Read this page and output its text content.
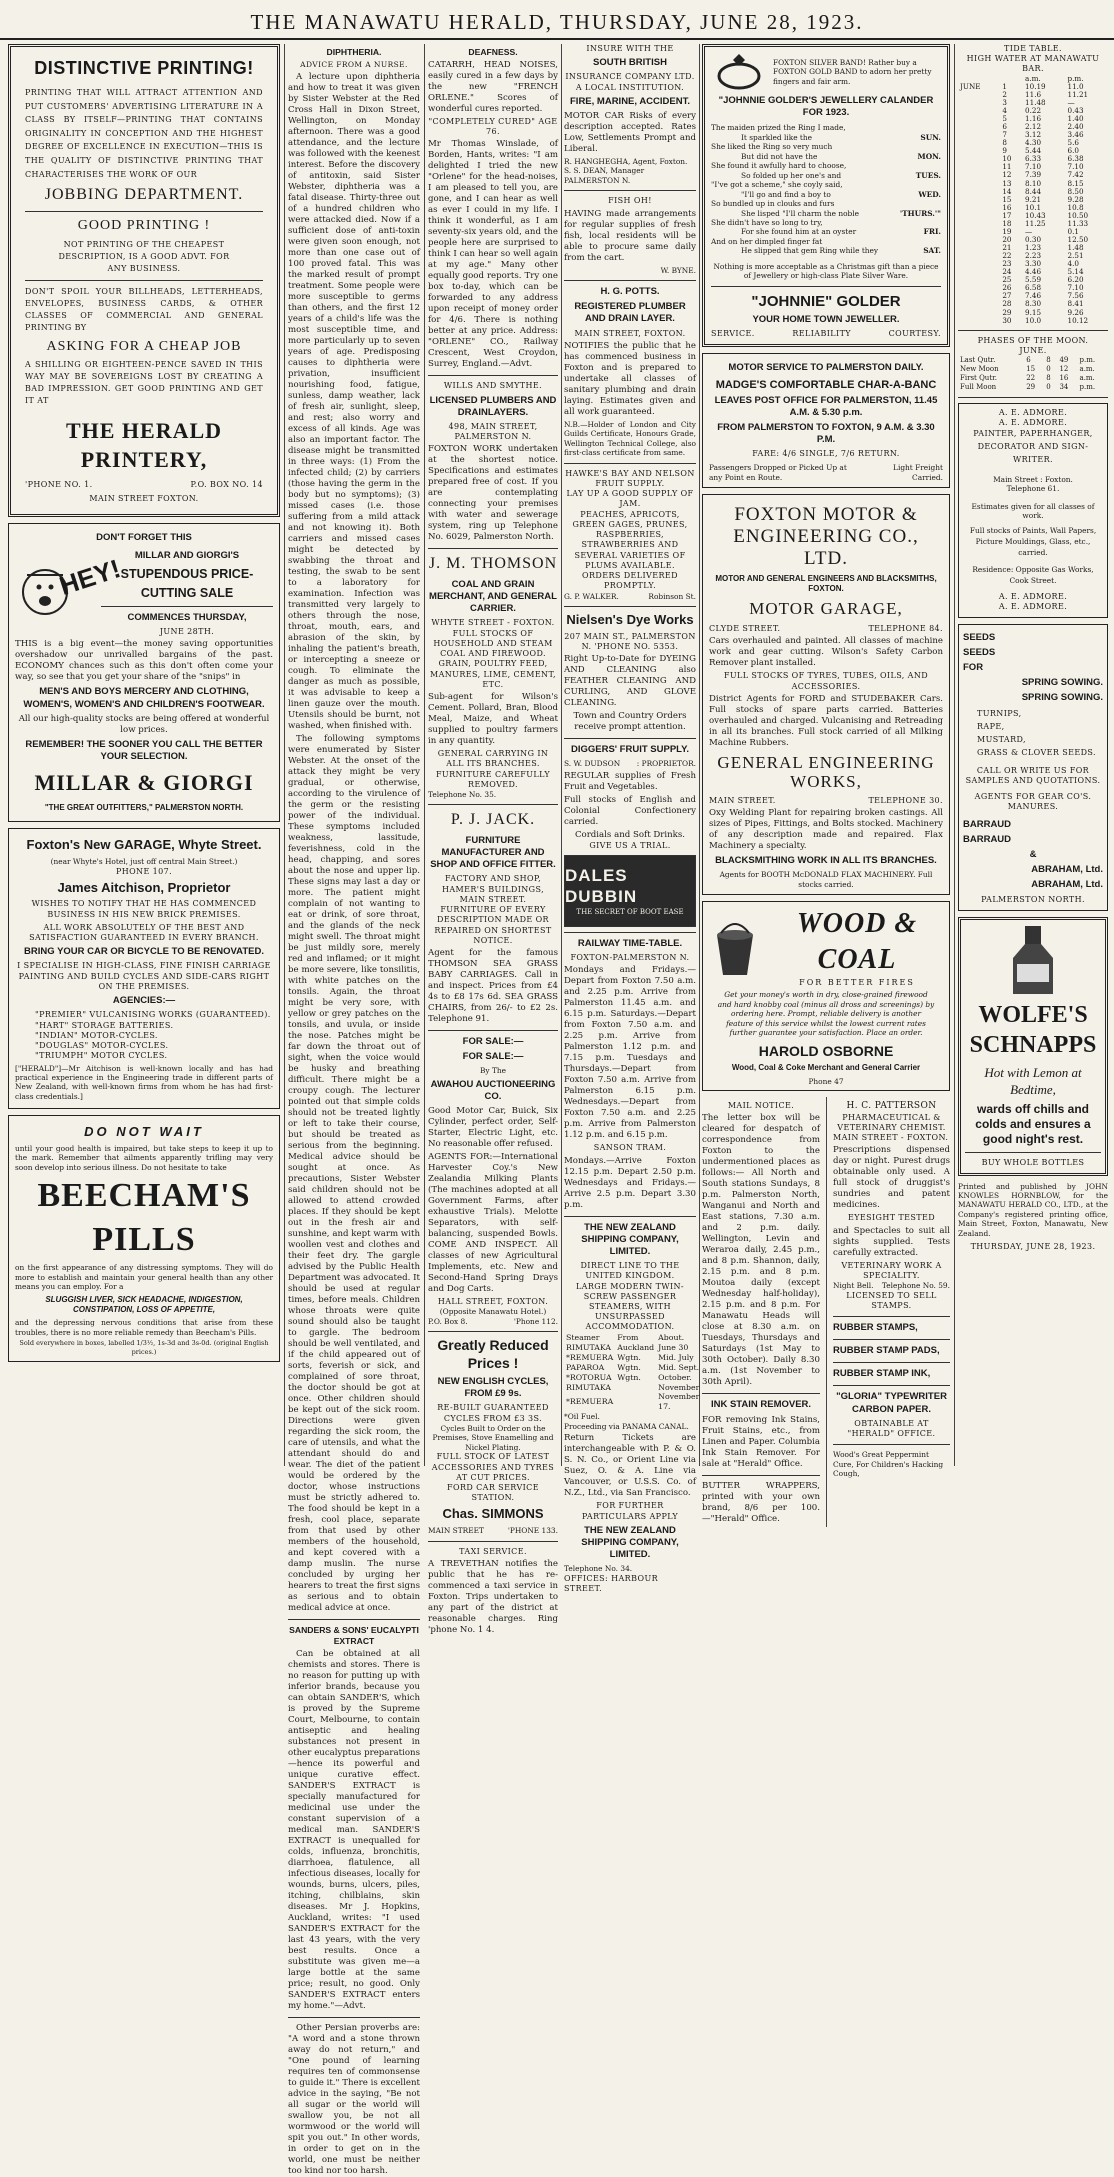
THE MANAWATU HERALD, THURSDAY, JUNE 28, 1923.
DISTINCTIVE PRINTING!
PRINTING THAT WILL ATTRACT ATTENTION AND PUT CUSTOMERS' ADVERTISING LITERATURE IN A CLASS BY ITSELF—PRINTING THAT CONTAINS ORIGINALITY IN CONCEPTION AND THE HIGHEST DEGREE OF EXCELLENCE IN EXECUTION—THIS IS THE QUALITY OF DISTINCTIVE PRINTING THAT CHARACTERISES THE WORK OF OUR
JOBBING DEPARTMENT.
GOOD PRINTING !
NOT PRINTING OF THE CHEAPEST DESCRIPTION, IS A GOOD ADVT. FOR ANY BUSINESS.
DON'T SPOIL YOUR BILLHEADS, LETTERHEADS, ENVELOPES, BUSINESS CARDS, & OTHER CLASSES OF COMMERCIAL AND GENERAL PRINTING BY
ASKING FOR A CHEAP JOB
A SHILLING OR EIGHTEEN-PENCE SAVED IN THIS WAY MAY BE SOVEREIGNS LOST BY CREATING A BAD IMPRESSION. GET GOOD PRINTING AND GET IT AT
THE HERALD PRINTERY,
'PHONE NO. 1.	P.O. BOX NO. 14
MAIN STREET FOXTON.
DON'T FORGET THIS
HEY!	MILLAR AND GIORGI'S
STUPENDOUS PRICE-
CUTTING SALE
COMMENCES THURSDAY,
JUNE 28TH.
THIS is a big event—the money saving opportunities overshadow our unrivalled bargains of the past. ECONOMY chances such as this don't often come your way, so see that you get your share of the "snips" in
MEN'S AND BOYS MERCERY AND CLOTHING, WOMEN'S, WOMEN'S AND CHILDREN'S FOOTWEAR.
All our high-quality stocks are being offered at wonderful low prices.
REMEMBER! THE SOONER YOU CALL THE BETTER YOUR SELECTION.
MILLAR & GIORGI
"THE GREAT OUTFITTERS," PALMERSTON NORTH.
Foxton's New GARAGE, Whyte Street.
(near Whyte's Hotel, just off central Main Street.)
PHONE 107.
James Aitchison, Proprietor
WISHES TO NOTIFY THAT HE HAS COMMENCED BUSINESS IN HIS NEW BRICK PREMISES.
ALL WORK ABSOLUTELY OF THE BEST AND SATISFACTION GUARANTEED IN EVERY BRANCH.
BRING YOUR CAR OR BICYCLE TO BE RENOVATED.
I SPECIALISE IN HIGH-CLASS, FINE FINISH CARRIAGE PAINTING AND BUILD CYCLES AND SIDE-CARS RIGHT ON THE PREMISES.
AGENCIES:—
"PREMIER" VULCANISING WORKS (GUARANTEED).
"HART" STORAGE BATTERIES.
"INDIAN" MOTOR-CYCLES.
"DOUGLAS" MOTOR-CYCLES.
"TRIUMPH" MOTOR CYCLES.
["HERALD"]—Mr Aitchison is well-known locally and has had practical experience in the Engineering trade in different parts of New Zealand, with well-known firms from whom he has had first-class credentials.]
DO NOT WAIT
until your good health is impaired, but take steps to keep it up to the mark. Remember that ailments apparently trifling may very soon develop into serious illness. Do not hesitate to take
BEECHAM'S PILLS
on the first appearance of any distressing symptoms. They will do more to establish and maintain your general health than any other means you can employ. For a
SLUGGISH LIVER, SICK HEADACHE, INDIGESTION, CONSTIPATION, LOSS OF APPETITE,
and the depressing nervous conditions that arise from these troubles, there is no more reliable remedy than Beecham's Pills.
Sold everywhere in boxes, labelled 1/3½, 1s-3d and 3s-0d. (original English prices.)
DIPHTHERIA.
ADVICE FROM A NURSE.
A lecture upon diphtheria and how to treat it was given by Sister Webster at the Red Cross Hall in Dixon Street, Wellington, on Monday afternoon. There was a good attendance, and the lecture was followed with the keenest interest. Before the discovery of antitoxin, said Sister Webster, diphtheria was a fatal disease. Thirty-three out of a hundred children who were attacked died. Now if a sufficient dose of anti-toxin were given soon enough, not more than one case out of 100 proved fatal. This was the marked result of prompt treatment. Some people were more susceptible to germs than others, and the first 12 years of a child's life was the most susceptible time, and more particularly up to seven years of age. Predisposing causes to diphtheria were privation, insufficient nourishing food, fatigue, sunless, damp weather, lack of fresh air, sunlight, sleep, and rest; also worry and excess of all kinds. Age was also an important factor. The disease might be transmitted in three ways: (1) From the infected child; (2) by carriers (those having the germ in the body but no symptoms); (3) missed cases (i.e. those suffering from a mild attack and not knowing it). Both carriers and missed cases might be detected by swabbing the throat and testing, the swab to be sent to a laboratory for examination. Infection was transmitted very largely to others through the nose, throat, mouth, ears, and abrasion of the skin, by inhaling the patient's breath, or intercepting a sneeze or cough. To eliminate the danger as much as possible, it was advisable to keep a linen gauze over the mouth. Utensils should be burnt, not washed, when finished with.
The following symptoms were enumerated by Sister Webster. At the onset of the attack they might be very gradual, or otherwise, according to the virulence of the germ or the resisting power of the individual. These symptoms included weakness, lassitude, feverishness, cold in the head, chapping, and sores about the nose and upper lip. These signs may last a day or more. The patient might complain of not wanting to eat or drink, of sore throat, and the glands of the neck might swell. The throat might be just mildly sore, merely red and inflamed; or it might be more severe, like tonsilitis, with white patches on the tonsils. Again, the throat might be very sore, with yellow or grey patches on the tonsils, and uvula, or inside the nose. Patches might be far down the throat out of sight, when the voice would be husky and breathing difficult. There might be a croupy cough. The lecturer pointed out that simple colds should not be treated lightly or left to take their course, but should be treated as serious from the beginning. Medical advice should be sought at once. As precautions, Sister Webster said children should not be allowed to attend crowded places. If they should be kept out in the fresh air and sunshine, and kept warm with woollen vest and clothes and their feet dry. The gargle advised by the Public Health Department was advocated. It should be used at regular times, before meals. Children whose throats were quite sound should also be taught to gargle. The bedroom should be well ventilated, and if the child appeared out of sorts, feverish or sick, and complained of sore throat, the doctor should be got at once. Other children should be kept out of the sick room. Directions were given regarding the sick room, the care of utensils, and what the attendant should do and wear. The diet of the patient would be ordered by the doctor, whose instructions must be strictly adhered to. The food should be kept in a fresh, cool place, separate from that used by other members of the household, and kept covered with a damp muslin. The nurse concluded by urging her hearers to treat the first signs as serious and to obtain medical advice at once.
SANDERS & SONS' EUCALYPTI EXTRACT
Can be obtained at all chemists and stores. There is no reason for putting up with inferior brands, because you can obtain SANDER'S, which is proved by the Supreme Court, Melbourne, to contain antiseptic and healing substances not present in other eucalyptus preparations—hence its powerful and unique curative effect. SANDER'S EXTRACT is specially manufactured for medicinal use under the constant supervision of a medical man. SANDER'S EXTRACT is unequalled for colds, influenza, bronchitis, diarrhoea, flatulence, all infectious diseases, locally for wounds, burns, ulcers, piles, itching, chilblains, skin diseases. Mr J. Hopkins, Auckland, writes: "I used SANDER'S EXTRACT for the last 43 years, with the very best results. Once a substitute was given me—a large bottle at the same price; result, no good. Only SANDER'S EXTRACT enters my home."—Advt.
Other Persian proverbs are: "A word and a stone thrown away do not return," and "One pound of learning requires ten of commonsense to guide it." There is excellent advice in the saying, "Be not all sugar or the world will swallow you, be not all wormwood or the world will spit you out." In other words, in order to get on in the world, one must be neither too kind nor too harsh.
DEAFNESS.
CATARRH, HEAD NOISES, easily cured in a few days by the new "FRENCH ORLENE." Scores of wonderful cures reported.
"COMPLETELY CURED" AGE 76.
Mr Thomas Winslade, of Borden, Hants, writes: "I am delighted I tried the new "Orlene" for the head-noises, I am pleased to tell you, are gone, and I can hear as well as ever I could in my life. I think it wonderful, as I am seventy-six years old, and the people here are surprised to think I can hear so well again at my age." Many other equally good reports. Try one box to-day, which can be forwarded to any address upon receipt of money order for 4/6. There is nothing better at any price. Address: "ORLENE" CO., Railway Crescent, West Croydon, Surrey, England.—Advt.
WILLS AND SMYTHE.
LICENSED PLUMBERS AND DRAINLAYERS.
498, MAIN STREET, PALMERSTON N.
FOXTON WORK undertaken at the shortest notice. Specifications and estimates prepared free of cost. If you are contemplating connecting your premises with water and sewerage system, ring up Telephone No. 6029, Palmerston North.
J. M. THOMSON
COAL AND GRAIN MERCHANT, AND GENERAL CARRIER.
WHYTE STREET - FOXTON.
FULL STOCKS OF HOUSEHOLD AND STEAM COAL AND FIREWOOD.
GRAIN, POULTRY FEED, MANURES, LIME, CEMENT, ETC.
Sub-agent for Wilson's Cement. Pollard, Bran, Blood Meal, Maize, and Wheat supplied to poultry farmers in any quantity.
GENERAL CARRYING IN ALL ITS BRANCHES. FURNITURE CAREFULLY REMOVED.
Telephone No. 35.
P. J. JACK.
FURNITURE MANUFACTURER AND SHOP AND OFFICE FITTER.
FACTORY AND SHOP, HAMER'S BUILDINGS, MAIN STREET.
FURNITURE OF EVERY DESCRIPTION MADE OR REPAIRED ON SHORTEST NOTICE.
Agent for the famous THOMSON SEA GRASS BABY CARRIAGES. Call in and inspect. Prices from £4 4s to £8 17s 6d. SEA GRASS CHAIRS, from 26/- to £2 2s. Telephone 91.
FOR SALE:—
FOR SALE:—
By The
AWAHOU AUCTIONEERING CO.
Good Motor Car, Buick, Six Cylinder, perfect order, Self-Starter, Electric Light, etc. No reasonable offer refused.
AGENTS FOR:—International Harvester Coy.'s New Zealandia Milking Plants (The machines adopted at all Government Farms, after exhaustive Trials). Melotte Separators, with self-balancing, suspended Bowls. COME AND INSPECT. All classes of new Agricultural Implements, etc. New and Second-Hand Spring Drays and Dog Carts.
HALL STREET, FOXTON.
(Opposite Manawatu Hotel.)
P.O. Box 8.	'Phone 112.
Greatly Reduced Prices !
NEW ENGLISH CYCLES, FROM £9 9s.
RE-BUILT GUARANTEED CYCLES FROM £3 3S.
Cycles Built to Order on the Premises, Stove Enamelling and Nickel Plating.
FULL STOCK OF LATEST ACCESSORIES AND TYRES AT CUT PRICES.
FORD CAR SERVICE STATION.
Chas. SIMMONS
MAIN STREET	'PHONE 133.
TAXI SERVICE.
A TREVETHAN notifies the public that he has re-commenced a taxi service in Foxton. Trips undertaken to any part of the district at reasonable charges. Ring 'phone No. 1 4.
INSURE WITH THE
SOUTH BRITISH
INSURANCE COMPANY LTD. A LOCAL INSTITUTION.
FIRE, MARINE, ACCIDENT.
MOTOR CAR Risks of every description accepted. Rates Low, Settlements Prompt and Liberal.
R. HANGHEGHA, Agent, Foxton. S. S. DEAN, Manager PALMERSTON N.
FISH OH!
HAVING made arrangements for regular supplies of fresh fish, local residents will be able to procure same daily from the cart.
W. BYNE.
H. G. POTTS.
REGISTERED PLUMBER AND DRAIN LAYER.
MAIN STREET, FOXTON.
NOTIFIES the public that he has commenced business in Foxton and is prepared to undertake all classes of sanitary plumbing and drain laying. Estimates given and all work guaranteed.
N.B.—Holder of London and City Guilds Certificate, Honours Grade, Wellington Technical College, also first-class certificate from same.
HAWKE'S BAY AND NELSON FRUIT SUPPLY.
LAY UP A GOOD SUPPLY OF JAM.
PEACHES, APRICOTS, GREEN GAGES, PRUNES, RASPBERRIES, STRAWBERRIES AND SEVERAL VARIETIES OF PLUMS AVAILABLE.
ORDERS DELIVERED PROMPTLY.
G. P. WALKER.	Robinson St.
Nielsen's Dye Works
207 MAIN ST., PALMERSTON N. 'PHONE NO. 5353.
Right Up-to-Date for DYEING AND CLEANING also FEATHER CLEANING AND CURLING, AND GLOVE CLEANING.
Town and Country Orders receive prompt attention.
DIGGERS' FRUIT SUPPLY.
S. W. DUDSON : PROPRIETOR.
REGULAR supplies of Fresh Fruit and Vegetables.
Full stocks of English and Colonial Confectionery carried.
Cordials and Soft Drinks.
GIVE US A TRIAL.
DALES DUBBIN
THE SECRET OF BOOT EASE
RAILWAY TIME-TABLE.
FOXTON-PALMERSTON N.
Mondays and Fridays.—Depart from Foxton 7.50 a.m. and 2.25 p.m. Arrive from Palmerston 11.45 a.m. and 6.15 p.m. Saturdays.—Depart from Foxton 7.50 a.m. and 2.25 p.m. Arrive from Palmerston 1.12 p.m. and 7.15 p.m. Tuesdays and Thursdays.—Depart from Foxton 7.50 a.m. Arrive from Palmerston 6.15 p.m. Wednesdays.—Depart from Foxton 7.50 a.m. and 2.25 p.m. Arrive from Palmerston 1.12 p.m. and 6.15 p.m.
SANSON TRAM.
Mondays.—Arrive Foxton 12.15 p.m. Depart 2.50 p.m. Wednesdays and Fridays.—Arrive 2.5 p.m. Depart 3.30 p.m.
THE NEW ZEALAND SHIPPING COMPANY, LIMITED.
DIRECT LINE TO THE UNITED KINGDOM.
LARGE MODERN TWIN-SCREW PASSENGER STEAMERS, WITH UNSURPASSED ACCOMMODATION.
Steamer	From	About.
RIMUTAKA	Auckland	June 30
*REMUERA	Wgtn.	Mid. July
PAPAROA	Wgtn.	Mid. Sept.
*ROTORUA	Wgtn.	October.
RIMUTAKA		November
*REMUERA		November 17.
*Oil Fuel.
Proceeding via PANAMA CANAL.
Return Tickets are interchangeable with P. & O. S. N. Co., or Orient Line via Suez, O. & A. Line via Vancouver, or U.S.S. Co. of N.Z., Ltd., via San Francisco.
FOR FURTHER PARTICULARS APPLY
THE NEW ZEALAND SHIPPING COMPANY, LIMITED.
Telephone No. 34.
OFFICES: HARBOUR STREET.
FOXTON SILVER BAND! Rather buy a FOXTON GOLD BAND to adorn her pretty fingers and fair arm.
"JOHNNIE GOLDER'S JEWELLERY CALANDER FOR 1923.
The maiden prized the Ring I made,
It sparkled like the	SUN.
She liked the Ring so very much
But did not have the	MON.
She found it awfully hard to choose,
So folded up her one's and	TUES.
"I've got a scheme," she coyly said,
"I'll go and find a boy to	WED.
So bundled up in clouks and furs
She lisped "I'll charm the noble	'THURS.'"
She didn't have so long to try,
For she found him at an oyster	FRI.
And on her dimpled finger fat
He slipped that gem Ring while they	SAT.
Nothing is more acceptable as a Christmas gift than a piece of Jewellery or high-class Plate Silver Ware.
"JOHNNIE" GOLDER
YOUR HOME TOWN JEWELLER.
SERVICE.	RELIABILITY	COURTESY.
MOTOR SERVICE TO PALMERSTON DAILY.
MADGE'S COMFORTABLE CHAR-A-BANC
LEAVES POST OFFICE FOR PALMERSTON, 11.45 A.M. & 5.30 p.m.
FROM PALMERSTON TO FOXTON, 9 A.M. & 3.30 P.M.
FARE: 4/6 SINGLE, 7/6 RETURN.
Passengers Dropped or Picked Up at any Point en Route.
Light Freight Carried.
FOXTON MOTOR & ENGINEERING CO., LTD.
MOTOR AND GENERAL ENGINEERS AND BLACKSMITHS, FOXTON.
MOTOR GARAGE,
CLYDE STREET.	TELEPHONE 84.
Cars overhauled and painted. All classes of machine work and gear cutting. Wilson's Safety Carbon Remover plant installed.
FULL STOCKS OF TYRES, TUBES, OILS, AND ACCESSORIES.
District Agents for FORD and STUDEBAKER Cars. Full stocks of spare parts carried. Batteries overhauled and charged. Vulcanising and Retreading in all its branches. Full stock carried of all Milking Machine Rubbers.
GENERAL ENGINEERING WORKS,
MAIN STREET.	TELEPHONE 30.
Oxy Welding Plant for repairing broken castings. All sizes of Pipes, Fittings, and Bolts stocked. Machinery of any description made and repaired. Flax Machinery a specialty.
BLACKSMITHING WORK IN ALL ITS BRANCHES.
Agents for BOOTH McDONALD FLAX MACHINERY. Full stocks carried.
WOOD & COAL
FOR BETTER FIRES
Get your money's worth in dry, close-grained firewood and hard knobby coal (minus all dross and screenings) by ordering here. Prompt, reliable delivery is another feature of this service whilst the lowest current rates further guarantee your satisfaction. Place an order.
HAROLD OSBORNE
Wood, Coal & Coke Merchant and General Carrier
Phone 47
MAIL NOTICE.
The letter box will be cleared for despatch of correspondence from Foxton to the undermentioned places as follows:— All North and South stations Sundays, 8 p.m. Palmerston North, Wanganui and North and East stations, 7.30 a.m. and 2 p.m. daily. Wellington, Levin and Weraroa daily, 2.45 p.m., and 8 p.m. Shannon, daily, 2.15 p.m. and 8 p.m. Moutoa daily (except Wednesday half-holiday), 2.15 p.m. and 8 p.m. For Manawatu Heads will close at 8.30 a.m. on Tuesdays, Thursdays and Saturdays (1st May to 30th October). Daily 8.30 a.m. (1st November to 30th April).
INK STAIN REMOVER.
FOR removing Ink Stains, Fruit Stains, etc., from Linen and Paper. Columbia Ink Stain Remover. For sale at "Herald" Office.
BUTTER WRAPPERS, printed with your own brand, 8/6 per 100. —"Herald" Office.
H. C. PATTERSON
PHARMACEUTICAL & VETERINARY CHEMIST.
MAIN STREET - FOXTON.
Prescriptions dispensed day or night. Purest drugs obtainable only used. A full stock of druggist's sundries and patent medicines.
EYESIGHT TESTED
and Spectacles to suit all sights supplied. Tests carefully extracted.
VETERINARY WORK A SPECIALITY.
Night Bell. Telephone No. 59.
LICENSED TO SELL STAMPS.
RUBBER STAMPS,
RUBBER STAMP PADS,
RUBBER STAMP INK,
"GLORIA" TYPEWRITER CARBON PAPER.
OBTAINABLE AT "HERALD" OFFICE.
Wood's Great Peppermint Cure, For Children's Hacking Cough,
TIDE TABLE.
HIGH WATER AT MANAWATU BAR.
		a.m.	p.m.
JUNE	1	10.19	11.0
	2	11.6	11.21
	3	11.48	—
	4	0.22	0.43
	5	1.16	1.40
	6	2.12	2.40
	7	3.12	3.46
	8	4.30	5.6
	9	5.44	6.0
	10	6.33	6.38
	11	7.10	7.10
	12	7.39	7.42
	13	8.10	8.15
	14	8.44	8.50
	15	9.21	9.28
	16	10.1	10.8
	17	10.43	10.50
	18	11.25	11.33
	19	—	0.1
	20	0.30	12.50
	21	1.23	1.48
	22	2.23	2.51
	23	3.30	4.0
	24	4.46	5.14
	25	5.59	6.20
	26	6.58	7.10
	27	7.46	7.56
	28	8.30	8.41
	29	9.15	9.26
	30	10.0	10.12
PHASES OF THE MOON.
JUNE.
Last Qutr.	6	8	49	p.m.
New Moon	15	0	12	a.m.
First Qutr.	22	8	16	a.m.
Full Moon	29	0	34	p.m.
A. E. ADMORE.
A. E. ADMORE.
PAINTER, PAPERHANGER, DECORATOR AND SIGN-WRITER.
Main Street : Foxton.
Telephone 61.
Estimates given for all classes of work.
Full stocks of Paints, Wall Papers, Picture Mouldings, Glass, etc., carried.
Residence: Opposite Gas Works, Cook Street.
A. E. ADMORE.
A. E. ADMORE.
SEEDS
SEEDS
FOR
SPRING SOWING.
SPRING SOWING.
TURNIPS,
RAPE,
MUSTARD,
GRASS & CLOVER SEEDS.
CALL OR WRITE US FOR SAMPLES AND QUOTATIONS.
AGENTS FOR GEAR CO'S. MANURES.
BARRAUD
BARRAUD
&
ABRAHAM, Ltd.
ABRAHAM, Ltd.
PALMERSTON NORTH.
WOLFE'S
SCHNAPPS
Hot with Lemon at Bedtime,
wards off chills and colds and ensures a good night's rest.
BUY WHOLE BOTTLES
Printed and published by JOHN KNOWLES HORNBLOW, for the MANAWATU HERALD CO., LTD., at the Company's registered printing office, Main Street, Foxton, Manawatu, New Zealand.
THURSDAY, JUNE 28, 1923.
